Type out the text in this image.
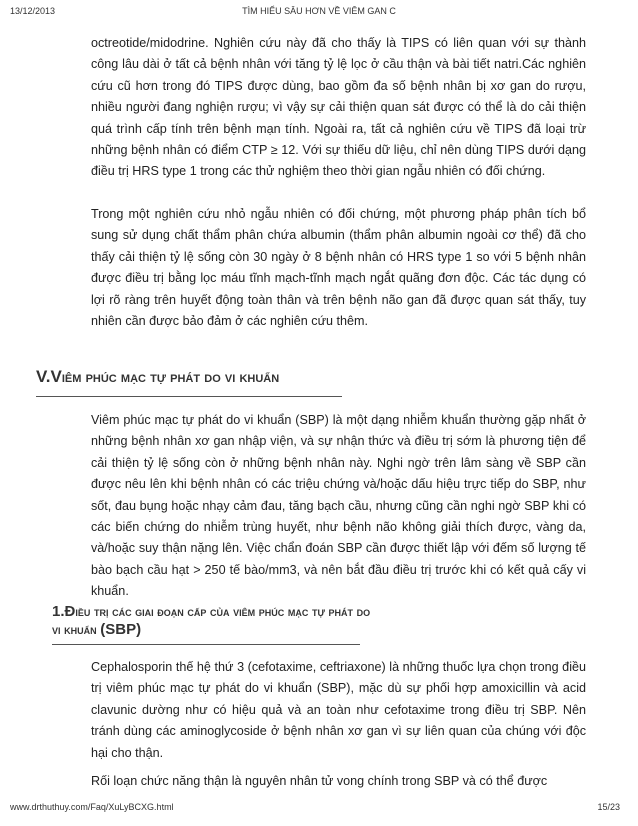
13/12/2013	TÌM HIỂU SÂU HƠN VỀ VIÊM GAN C

octreotide/midodrine. Nghiên cứu này đã cho thấy là TIPS có liên quan với sự thành công lâu dài ở tất cả bệnh nhân với tăng tỷ lệ lọc ở cầu thận và bài tiết natri.Các nghiên cứu cũ hơn trong đó TIPS được dùng, bao gồm đa số bệnh nhân bị xơ gan do rượu, nhiều người đang nghiện rượu; vì vậy sự cải thiện quan sát được có thể là do cải thiện quá trình cấp tính trên bệnh mạn tính. Ngoài ra, tất cả nghiên cứu về TIPS đã loại trừ những bệnh nhân có điểm CTP ≥ 12. Với sự thiếu dữ liệu, chỉ nên dùng TIPS dưới dạng điều trị HRS type 1 trong các thử nghiệm theo thời gian ngẫu nhiên có đối chứng.

Trong một nghiên cứu nhỏ ngẫu nhiên có đối chứng, một phương pháp phân tích bổ sung sử dụng chất thẩm phân chứa albumin (thẩm phân albumin ngoài cơ thể) đã cho thấy cải thiện tỷ lệ sống còn 30 ngày ở 8 bệnh nhân có HRS type 1 so với 5 bệnh nhân được điều trị bằng lọc máu tĩnh mạch-tĩnh mạch ngắt quãng đơn độc. Các tác dụng có lợi rõ ràng trên huyết động toàn thân và trên bệnh não gan đã được quan sát thấy, tuy nhiên cần được bảo đảm ở các nghiên cứu thêm.

V.Viêm phúc mạc tự phát do vi khuẩn

Viêm phúc mạc tự phát do vi khuẩn (SBP) là một dạng nhiễm khuẩn thường gặp nhất ở những bệnh nhân xơ gan nhập viện, và sự nhận thức và điều trị sớm là phương tiện để cải thiện tỷ lệ sống còn ở những bệnh nhân này. Nghi ngờ trên lâm sàng về SBP cần được nêu lên khi bệnh nhân có các triệu chứng và/hoặc dấu hiệu trực tiếp do SBP, như sốt, đau bụng hoặc nhạy cảm đau, tăng bạch cầu, nhưng cũng cần nghi ngờ SBP khi có các biến chứng do nhiễm trùng huyết, như bệnh não không giải thích được, vàng da, và/hoặc suy thận nặng lên. Việc chẩn đoán SBP cần được thiết lập với đếm số lượng tế bào bạch cầu hạt > 250 tế bào/mm3, và nên bắt đầu điều trị trước khi có kết quả cấy vi khuẩn.

1.Điều trị các giai đoạn cấp của viêm phúc mạc tự phát do vi khuẩn (SBP)

Cephalosporin thế hệ thứ 3 (cefotaxime, ceftriaxone) là những thuốc lựa chọn trong điều trị viêm phúc mạc tự phát do vi khuẩn (SBP), mặc dù sự phối hợp amoxicillin và acid clavunic dường như có hiệu quả và an toàn như cefotaxime trong điều trị SBP. Nên tránh dùng các aminoglycoside ở bệnh nhân xơ gan vì sự liên quan của chúng với độc hại cho thận.

Rối loạn chức năng thận là nguyên nhân tử vong chính trong SBP và có thể được

www.drthuthuy.com/Faq/XuLyBCXG.html	15/23
